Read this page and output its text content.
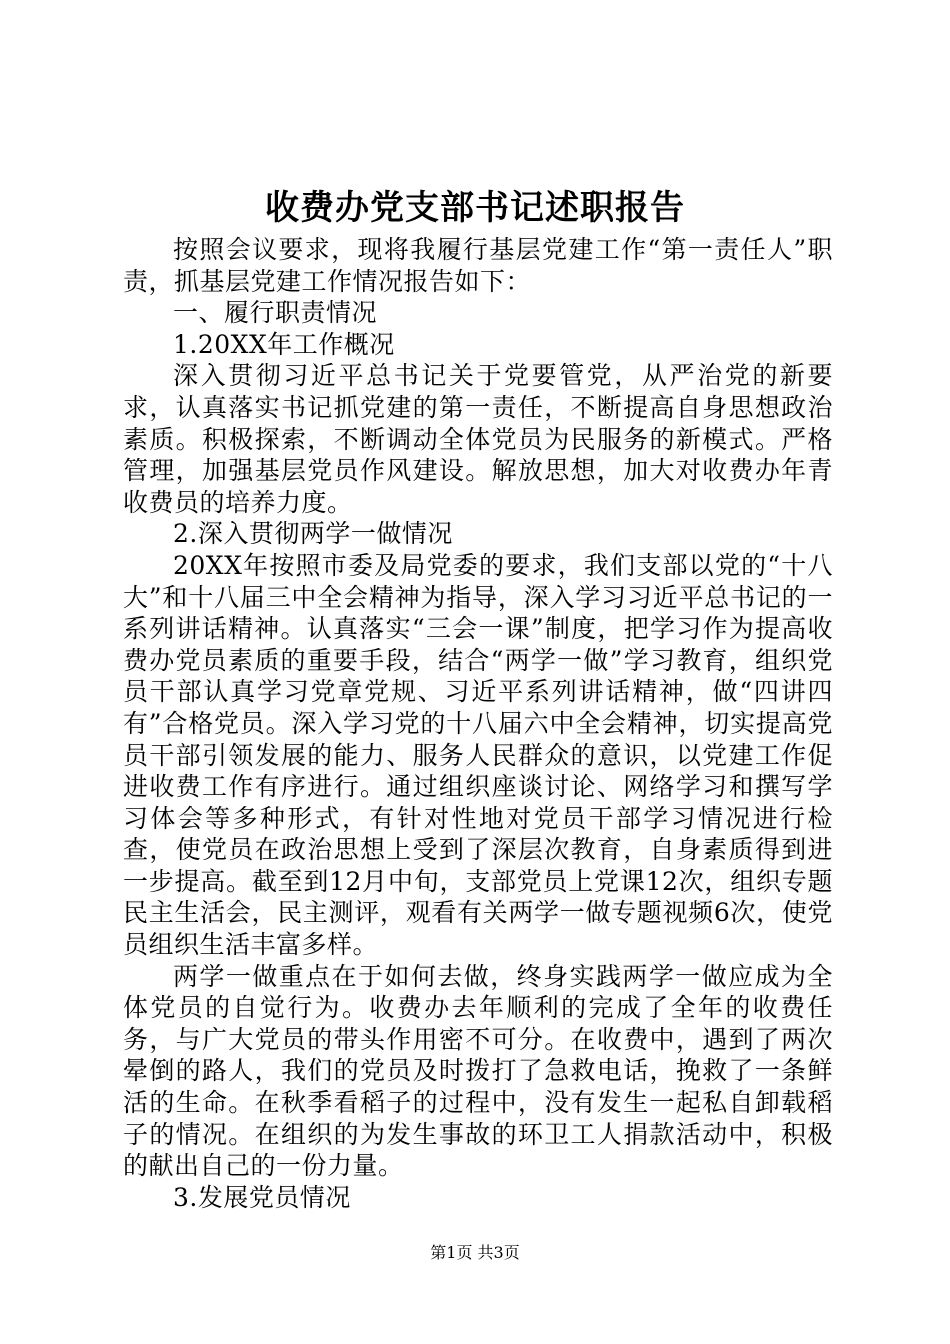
收费办党支部书记述职报告

按照会议要求，现将我履行基层党建工作“第一责任人”职责，抓基层党建工作情况报告如下：

一、履行职责情况

1.20XX年工作概况

深入贯彻习近平总书记关于党要管党，从严治党的新要求，认真落实书记抓党建的第一责任，不断提高自身思想政治素质。积极探索，不断调动全体党员为民服务的新模式。严格管理，加强基层党员作风建设。解放思想，加大对收费办年青收费员的培养力度。

2.深入贯彻两学一做情况

20XX年按照市委及局党委的要求，我们支部以党的“十八大”和十八届三中全会精神为指导，深入学习习近平总书记的一系列讲话精神。认真落实“三会一课”制度，把学习作为提高收费办党员素质的重要手段，结合“两学一做”学习教育，组织党员干部认真学习党章党规、习近平系列讲话精神，做“四讲四有”合格党员。深入学习党的十八届六中全会精神，切实提高党员干部引领发展的能力、服务人民群众的意识，以党建工作促进收费工作有序进行。通过组织座谈讨论、网络学习和撰写学习体会等多种形式，有针对性地对党员干部学习情况进行检查，使党员在政治思想上受到了深层次教育，自身素质得到进一步提高。截至到12月中旬，支部党员上党课12次，组织专题民主生活会，民主测评，观看有关两学一做专题视频6次，使党员组织生活丰富多样。

两学一做重点在于如何去做，终身实践两学一做应成为全体党员的自觉行为。收费办去年顺利的完成了全年的收费任务，与广大党员的带头作用密不可分。在收费中，遇到了两次晕倒的路人，我们的党员及时拨打了急救电话，挽救了一条鲜活的生命。在秋季看稻子的过程中，没有发生一起私自卸载稻子的情况。在组织的为发生事故的环卫工人捐款活动中，积极的献出自己的一份力量。

3.发展党员情况

第1页 共3页
